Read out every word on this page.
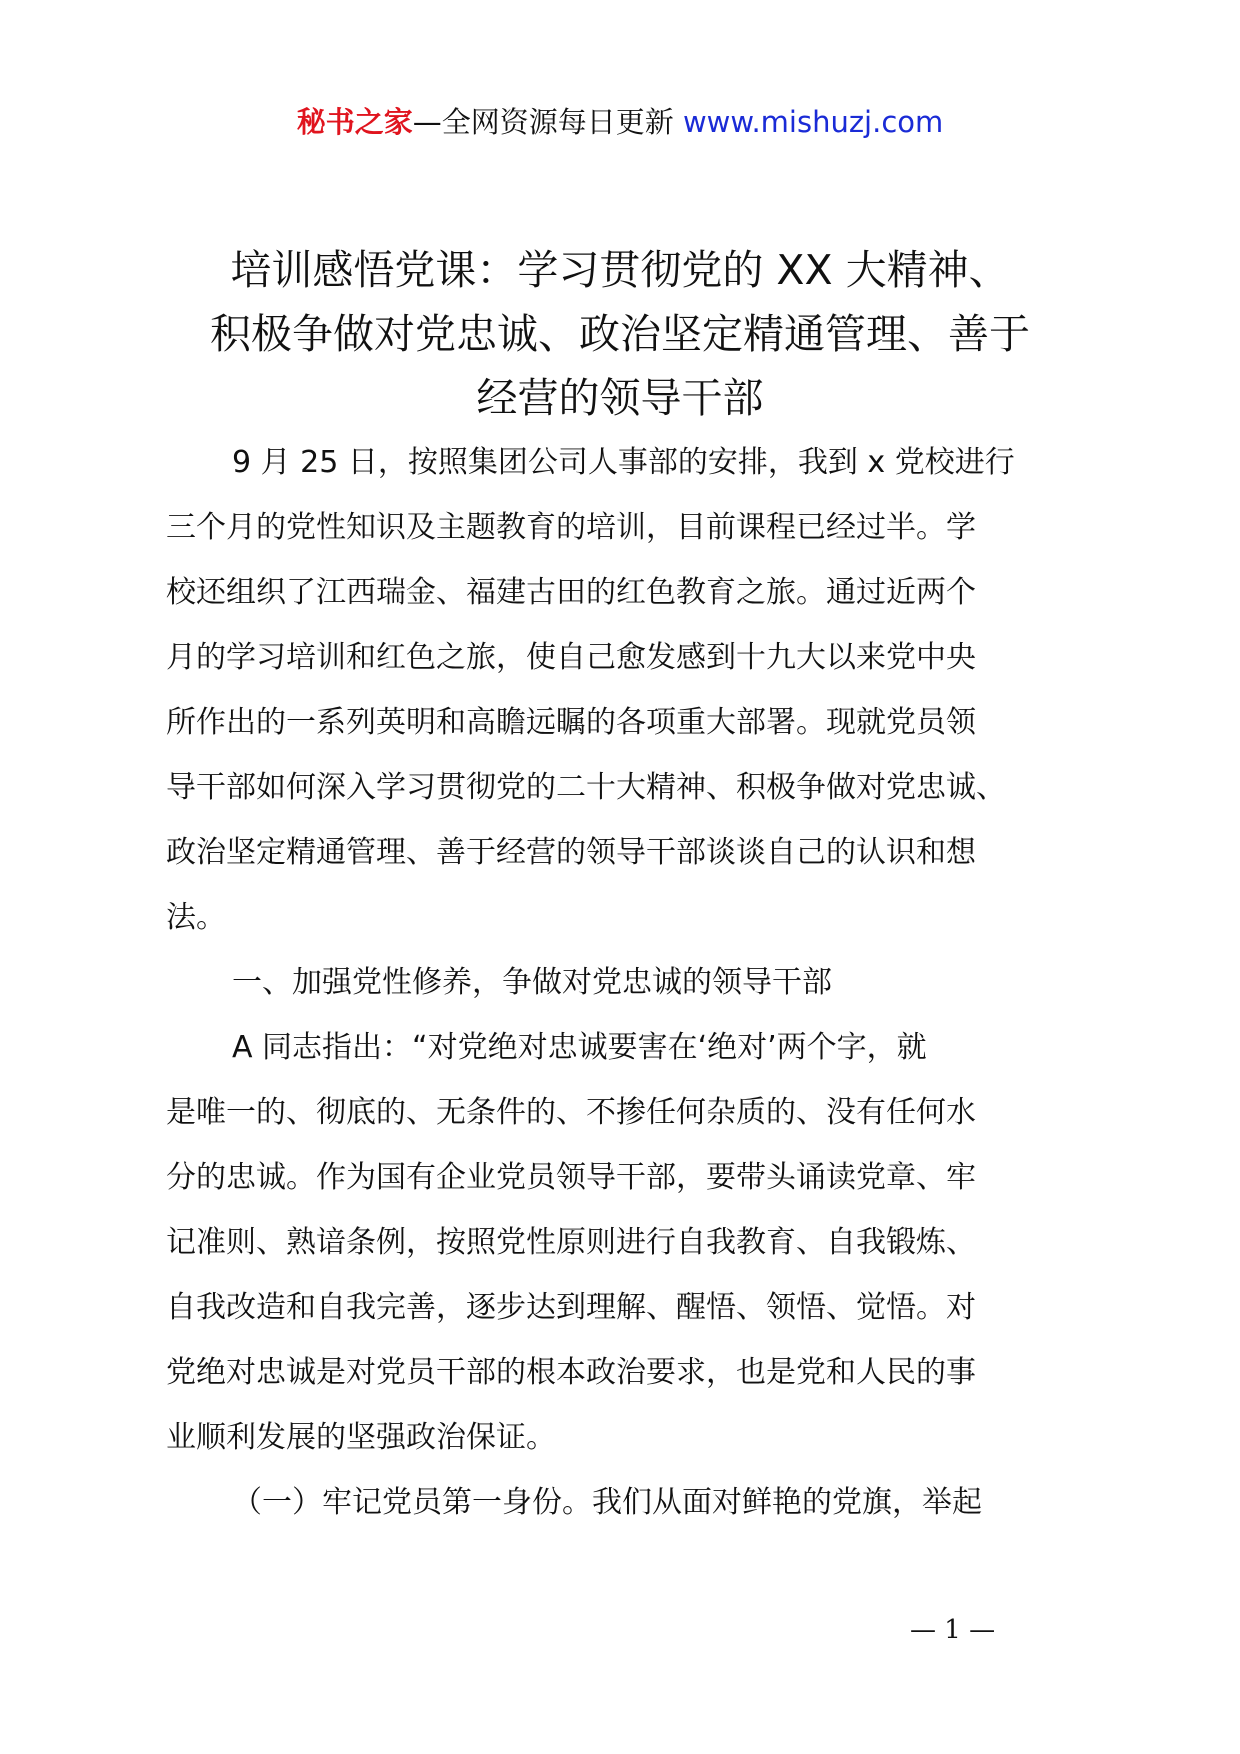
秘书之家—全网资源每日更新 www.mishuzj.com
培训感悟党课：学习贯彻党的 XX 大精神、
积极争做对党忠诚、政治坚定精通管理、善于
经营的领导干部
9 月 25 日，按照集团公司人事部的安排，我到 x 党校进行
三个月的党性知识及主题教育的培训，目前课程已经过半。学
校还组织了江西瑞金、福建古田的红色教育之旅。通过近两个
月的学习培训和红色之旅，使自己愈发感到十九大以来党中央
所作出的一系列英明和高瞻远瞩的各项重大部署。现就党员领
导干部如何深入学习贯彻党的二十大精神、积极争做对党忠诚、
政治坚定精通管理、善于经营的领导干部谈谈自己的认识和想
法。
一、加强党性修养，争做对党忠诚的领导干部
A 同志指出：“对党绝对忠诚要害在‘绝对’两个字，就
是唯一的、彻底的、无条件的、不掺任何杂质的、没有任何水
分的忠诚。作为国有企业党员领导干部，要带头诵读党章、牢
记准则、熟谙条例，按照党性原则进行自我教育、自我锻炼、
自我改造和自我完善，逐步达到理解、醒悟、领悟、觉悟。对
党绝对忠诚是对党员干部的根本政治要求，也是党和人民的事
业顺利发展的坚强政治保证。
（一）牢记党员第一身份。我们从面对鲜艳的党旗，举起
— 1 —
